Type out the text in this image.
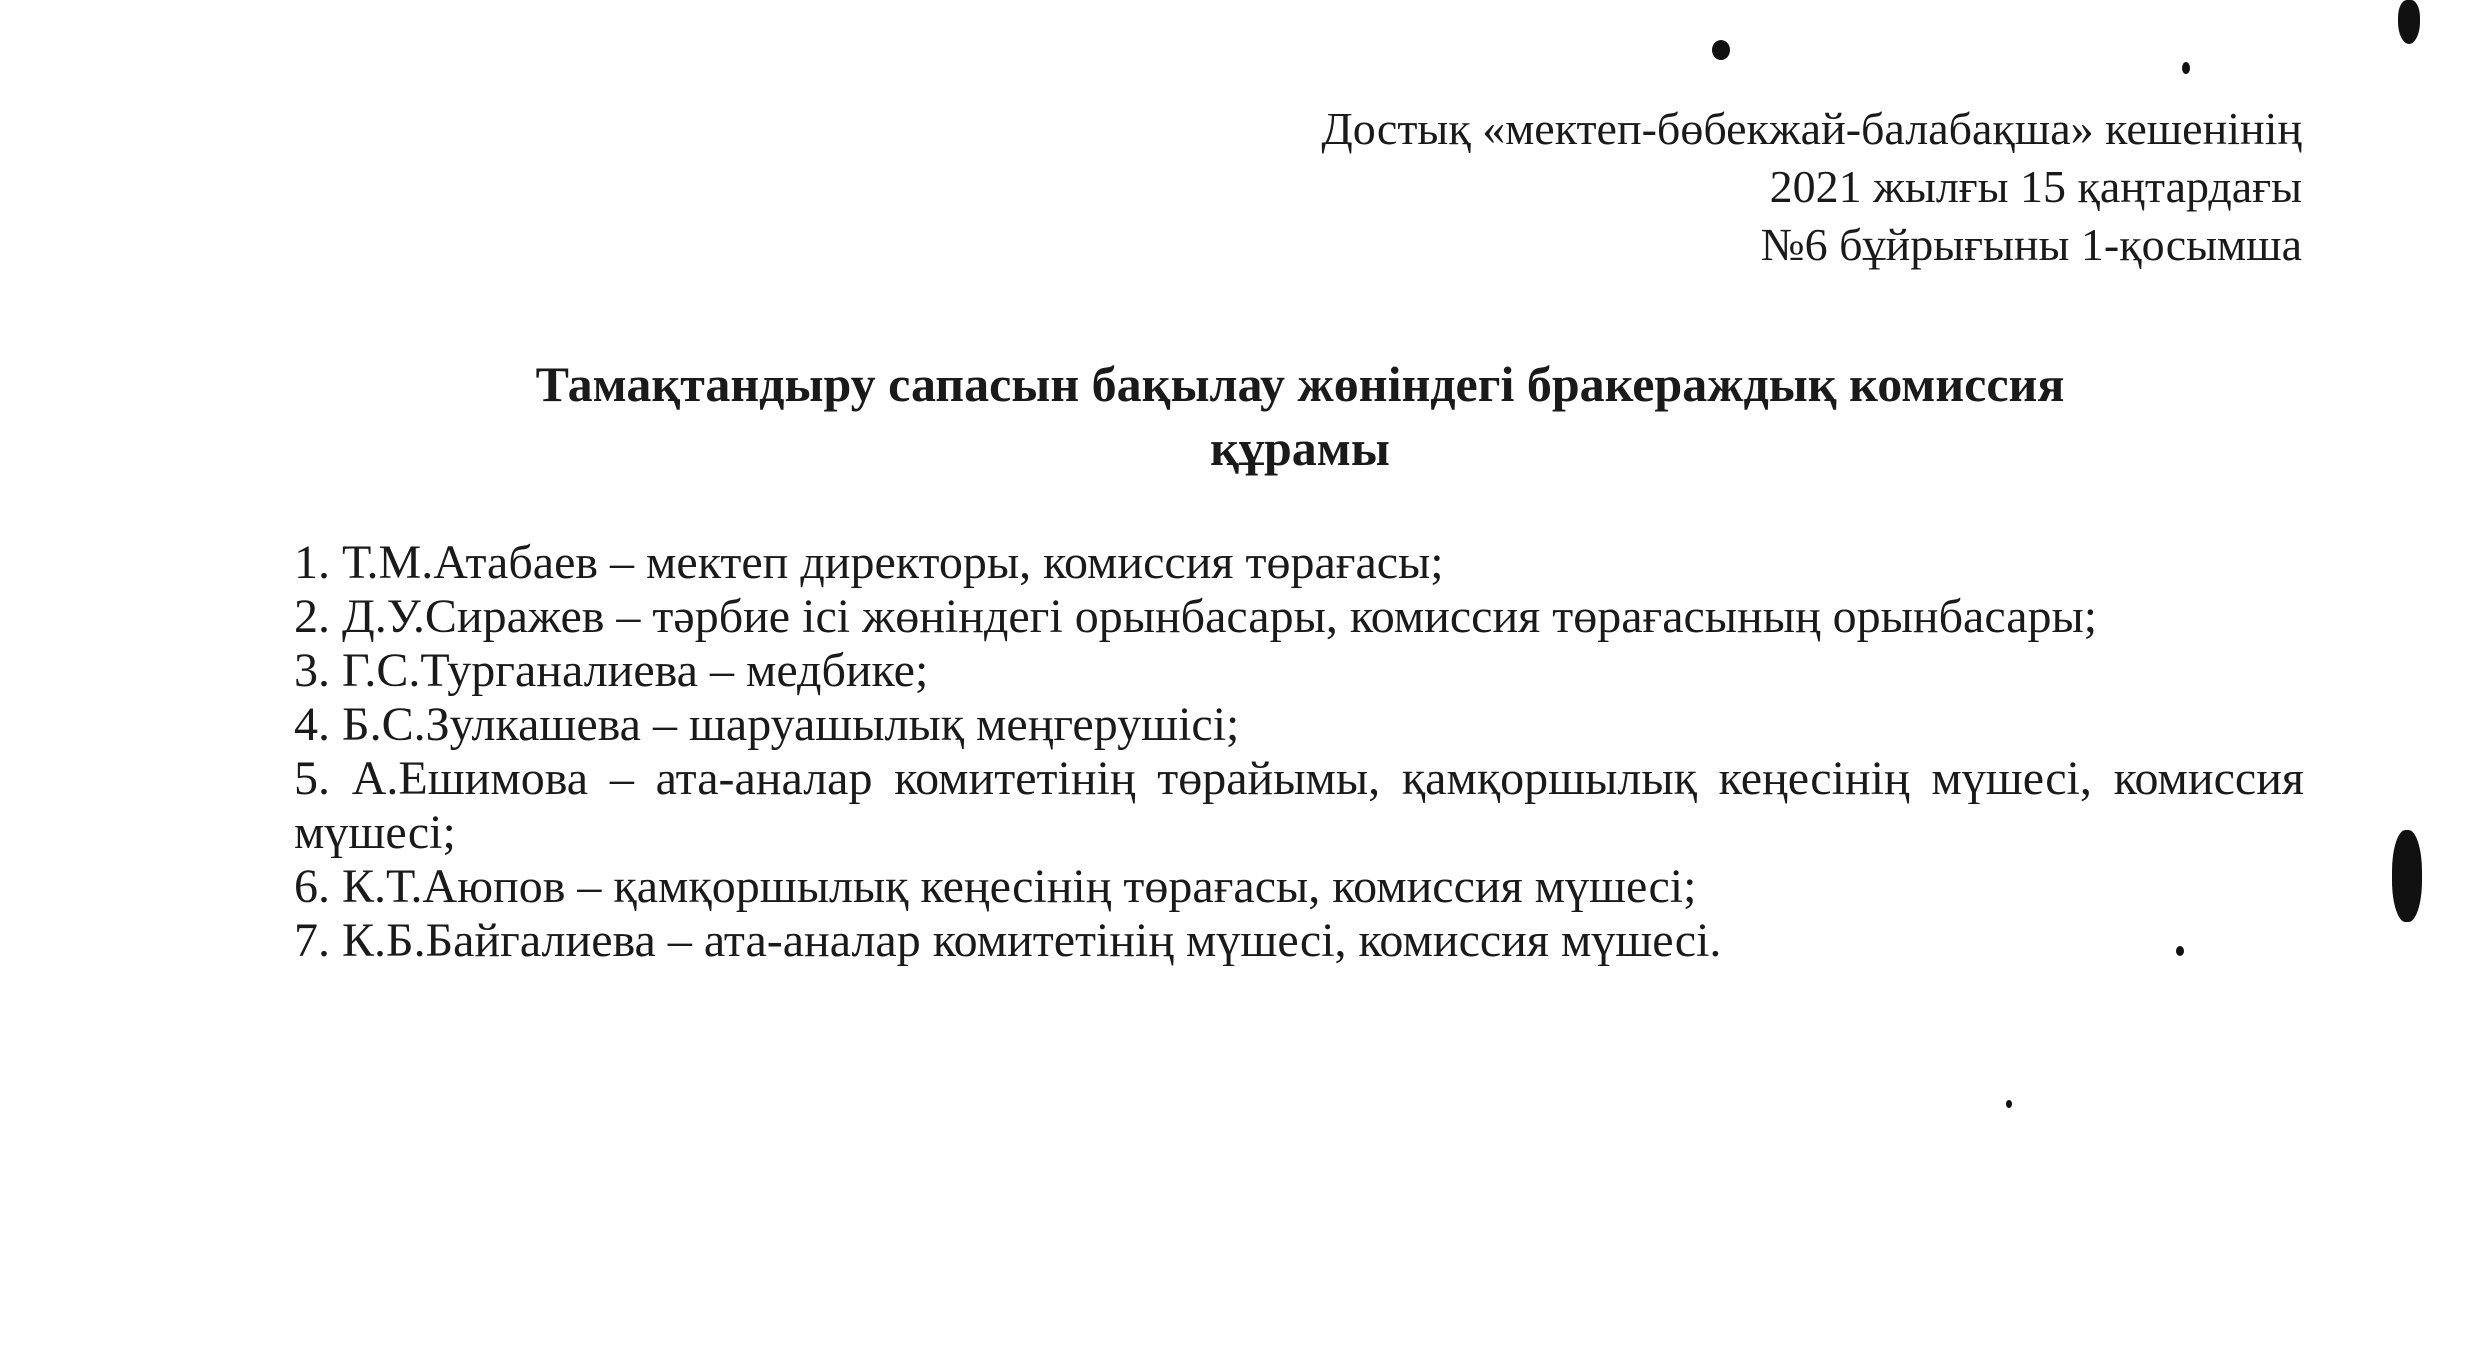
Достық «мектеп-бөбекжай-балабақша» кешенінің
2021 жылғы 15 қаңтардағы
№6 бұйрығыны 1-қосымша
Тамақтандыру сапасын бақылау жөніндегі бракераждық комиссия
құрамы
1. Т.М.Атабаев – мектеп директоры, комиссия төрағасы;
2. Д.У.Сиражев – тәрбие ісі жөніндегі орынбасары, комиссия төрағасының орынбасары;
3. Г.С.Турганалиева – медбике;
4. Б.С.Зулкашева – шаруашылық меңгерушісі;
5. А.Ешимова – ата-аналар комитетінің төрайымы, қамқоршылық кеңесінің мүшесі, комиссия мүшесі;
6. К.Т.Аюпов – қамқоршылық кеңесінің төрағасы, комиссия мүшесі;
7. К.Б.Байгалиева – ата-аналар комитетінің мүшесі, комиссия мүшесі.
